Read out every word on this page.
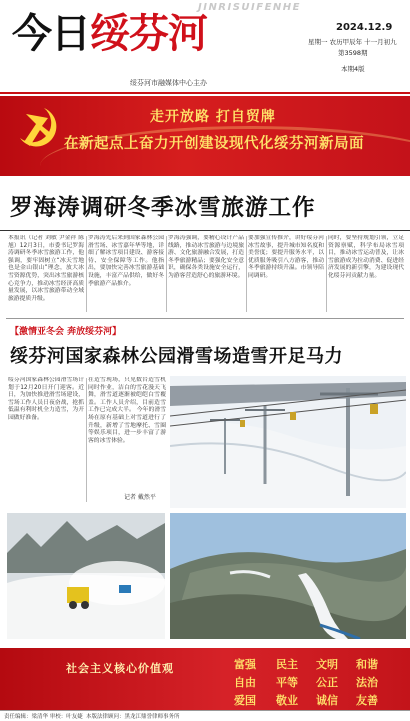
今日绥芬河
JINRISUIFENHE
绥芬河市融媒体中心主办
2024.12.9
星期一 农历甲辰年 十一月初九
第3598期
本期4版
走开放路 打自贸牌
在新起点上奋力开创建设现代化绥芬河新局面
罗海涛调研冬季冰雪旅游工作
本报讯（记者 刘敏 尹金祥 陈旭）12月3日，市委书记罗海涛调研冬季冰雪旅游工作，他强调，要牢固树立“冰天雪地也是金山银山”理念，放大冰雪资源优势，突出冰雪旅游核心竞争力，推动冰雪经济高质量发展，以冰雪旅游带动全域旅游提质升级。
罗海涛先后来到国家森林公园滑雪场、冰雪嘉年华等地，详细了解冰雪项目建设、游客接待、安全保障等工作。他指出，要加快完善冰雪旅游基础设施，丰富产品供给，做好冬季旅游产品推介。
罗海涛强调，要精心设计产品线路，推动冰雪旅游与边境旅游、文化旅游融合发展，打造冬季旅游精品；要强化安全意识，确保各类设施安全运行，为游客营造舒心的旅游环境。
要加强宣传推介，讲好绥芬河冰雪故事，提升城市知名度和美誉度；要提升服务水平，以优质服务吸引八方游客，推动冬季旅游持续升温。市领导陪同调研。
同时，要坚持规划引领，立足资源禀赋，科学布局冰雪项目，推动冰雪运动普及，让冰雪旅游成为拉动消费、促进经济发展的新引擎，为建设现代化绥芬河贡献力量。
【激情亚冬会 奔放绥芬河】
绥芬河国家森林公园滑雪场造雪开足马力
绥芬河国家森林公园滑雪场计划于12月20日开门迎客。近日，为加快推进滑雪场建设，雪场工作人员日夜奋战，抢抓低温有利时机全力造雪，为开园做好准备。
在造雪现场，只见数台造雪机同时作业，洁白的雪花漫天飞舞，滑雪道逐渐被皑皑白雪覆盖。工作人员介绍，目前造雪工作已完成大半。 今年的滑雪场在原有基础上对雪道进行了升级，新增了雪地摩托、雪圈等娱乐项目，进一步丰富了游客的冰雪体验。
记者 戴然平
社会主义核心价值观	富强 民主 文明 和谐
自由 平等 公正 法治
爱国 敬业 诚信 友善
责任编辑：梁清华 审校：叶友婕 本版法律顾问：黑龙江鼎誉律师事务所
